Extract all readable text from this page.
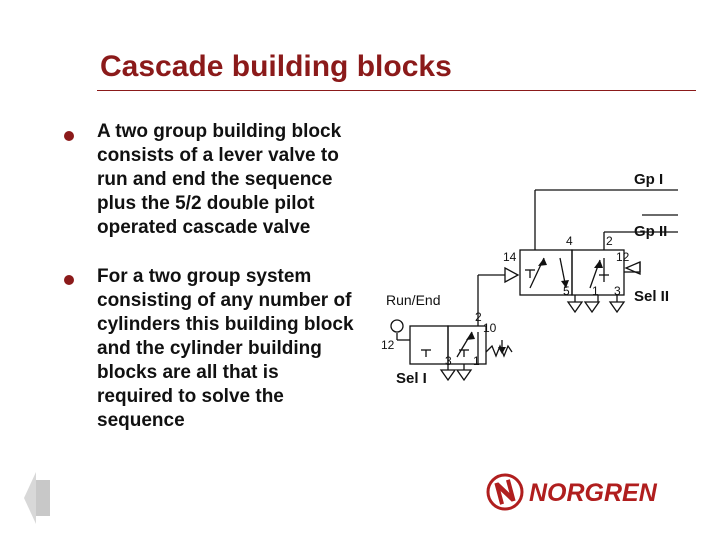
Cascade building blocks
A two group building block consists of a lever valve to run and end the sequence plus the 5/2 double pilot operated cascade valve
For a two group system consisting of any number of cylinders this building block and the cylinder building blocks are all that is required to solve the sequence
Gp I
Gp II
Sel II
Sel I
Run/End
4	2
14	12
5 1 3
12
2
10
3 1
NORGREN
